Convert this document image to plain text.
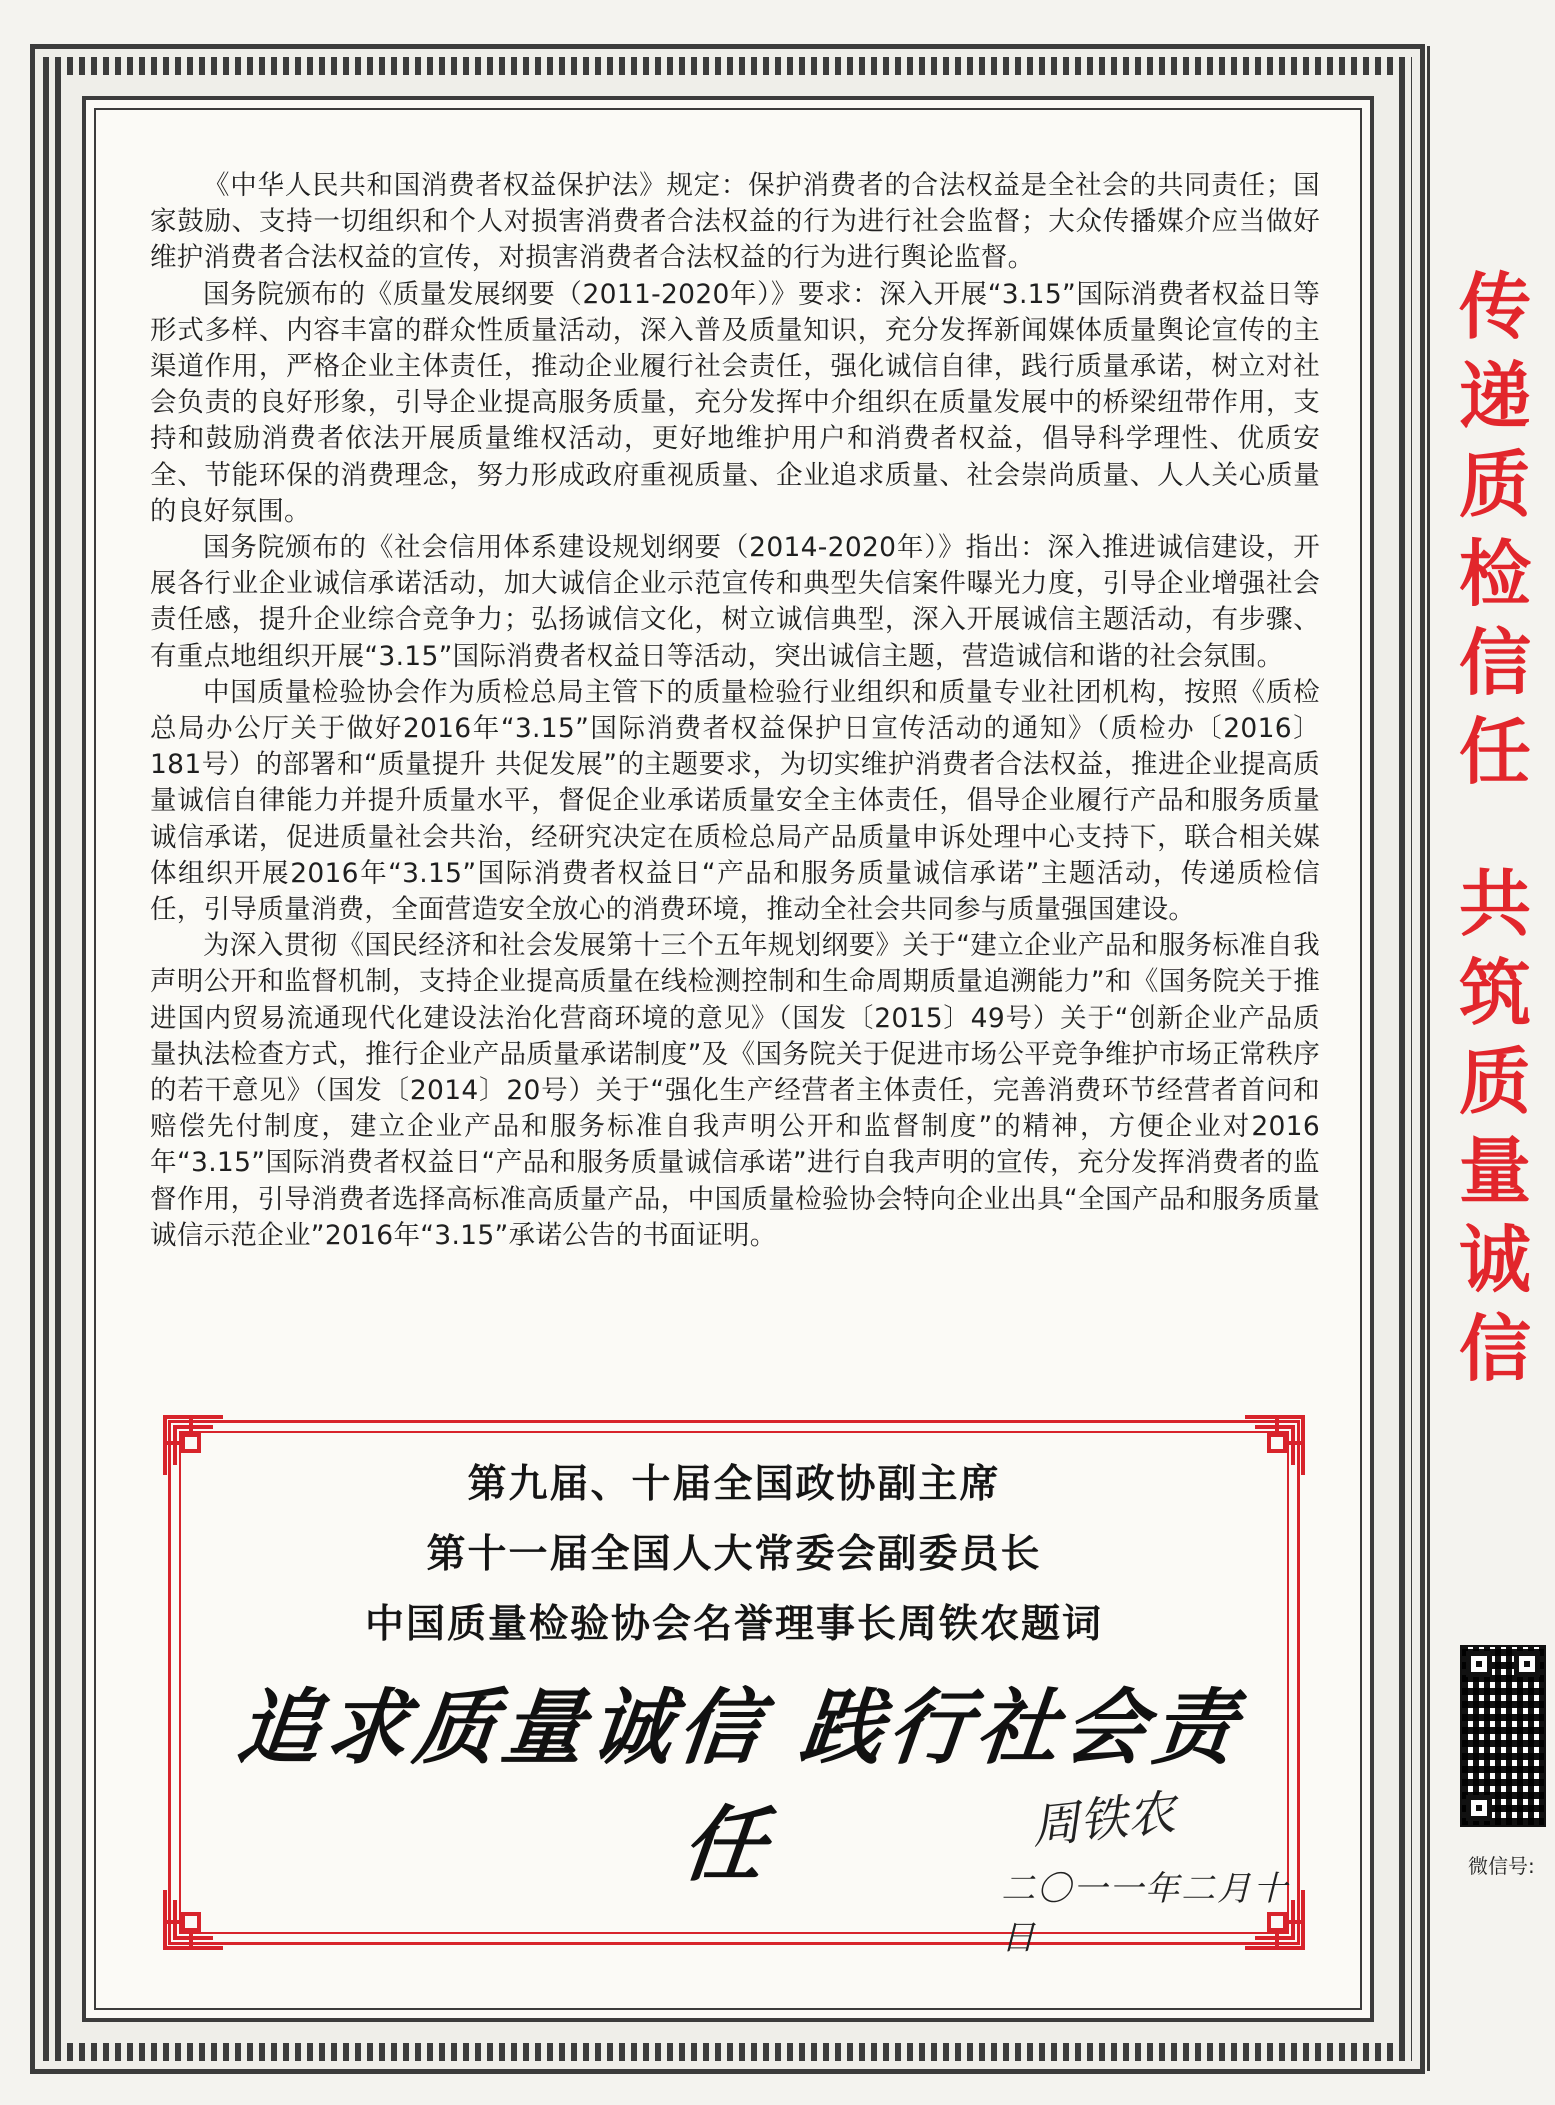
《中华人民共和国消费者权益保护法》规定：保护消费者的合法权益是全社会的共同责任；国家鼓励、支持一切组织和个人对损害消费者合法权益的行为进行社会监督；大众传播媒介应当做好维护消费者合法权益的宣传，对损害消费者合法权益的行为进行舆论监督。

国务院颁布的《质量发展纲要（2011-2020年）》要求：深入开展“3.15”国际消费者权益日等形式多样、内容丰富的群众性质量活动，深入普及质量知识，充分发挥新闻媒体质量舆论宣传的主渠道作用，严格企业主体责任，推动企业履行社会责任，强化诚信自律，践行质量承诺，树立对社会负责的良好形象，引导企业提高服务质量，充分发挥中介组织在质量发展中的桥梁纽带作用，支持和鼓励消费者依法开展质量维权活动，更好地维护用户和消费者权益，倡导科学理性、优质安全、节能环保的消费理念，努力形成政府重视质量、企业追求质量、社会崇尚质量、人人关心质量的良好氛围。

国务院颁布的《社会信用体系建设规划纲要（2014-2020年）》指出：深入推进诚信建设，开展各行业企业诚信承诺活动，加大诚信企业示范宣传和典型失信案件曝光力度，引导企业增强社会责任感，提升企业综合竞争力；弘扬诚信文化，树立诚信典型，深入开展诚信主题活动，有步骤、有重点地组织开展“3.15”国际消费者权益日等活动，突出诚信主题，营造诚信和谐的社会氛围。

中国质量检验协会作为质检总局主管下的质量检验行业组织和质量专业社团机构，按照《质检总局办公厅关于做好2016年“3.15”国际消费者权益保护日宣传活动的通知》（质检办〔2016〕181号）的部署和“质量提升 共促发展”的主题要求，为切实维护消费者合法权益，推进企业提高质量诚信自律能力并提升质量水平，督促企业承诺质量安全主体责任，倡导企业履行产品和服务质量诚信承诺，促进质量社会共治，经研究决定在质检总局产品质量申诉处理中心支持下，联合相关媒体组织开展2016年“3.15”国际消费者权益日“产品和服务质量诚信承诺”主题活动，传递质检信任，引导质量消费，全面营造安全放心的消费环境，推动全社会共同参与质量强国建设。

为深入贯彻《国民经济和社会发展第十三个五年规划纲要》关于“建立企业产品和服务标准自我声明公开和监督机制，支持企业提高质量在线检测控制和生命周期质量追溯能力”和《国务院关于推进国内贸易流通现代化建设法治化营商环境的意见》（国发〔2015〕49号）关于“创新企业产品质量执法检查方式，推行企业产品质量承诺制度”及《国务院关于促进市场公平竞争维护市场正常秩序的若干意见》（国发〔2014〕20号）关于“强化生产经营者主体责任，完善消费环节经营者首问和赔偿先付制度，建立企业产品和服务标准自我声明公开和监督制度”的精神，方便企业对2016年“3.15”国际消费者权益日“产品和服务质量诚信承诺”进行自我声明的宣传，充分发挥消费者的监督作用，引导消费者选择高标准高质量产品，中国质量检验协会特向企业出具“全国产品和服务质量诚信示范企业”2016年“3.15”承诺公告的书面证明。

第九届、十届全国政协副主席
第十一届全国人大常委会副委员长
中国质量检验协会名誉理事长周铁农题词
追求质量诚信 践行社会责任	周铁农
二〇一一年二月十日
传
递
质
检
信
任
共
筑
质
量
诚
信
微信号:
